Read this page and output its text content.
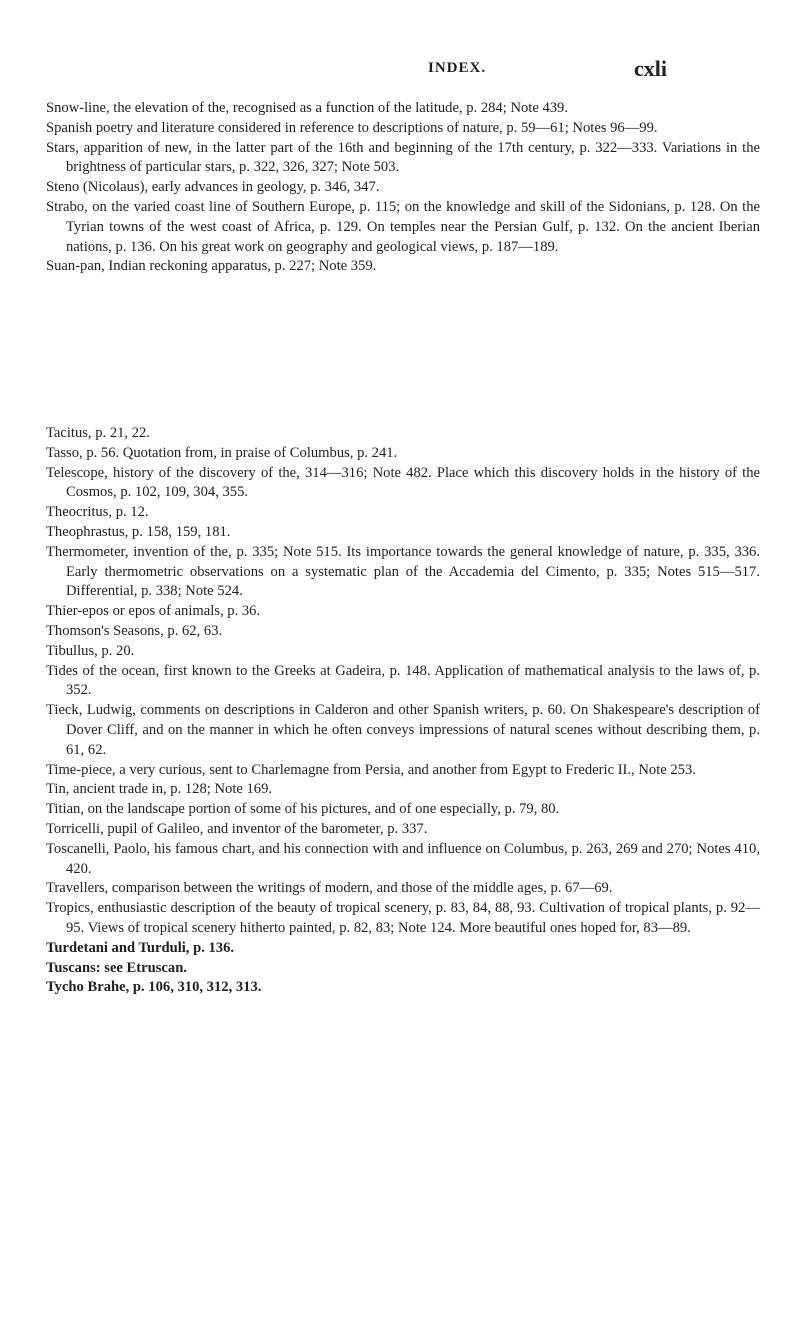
INDEX.	cxli

Snow-line, the elevation of the, recognised as a function of the latitude, p. 284; Note 439.

Spanish poetry and literature considered in reference to descriptions of nature, p. 59—61; Notes 96—99.

Stars, apparition of new, in the latter part of the 16th and beginning of the 17th century, p. 322—333. Variations in the brightness of particular stars, p. 322, 326, 327; Note 503.

Steno (Nicolaus), early advances in geology, p. 346, 347.

Strabo, on the varied coast line of Southern Europe, p. 115; on the knowledge and skill of the Sidonians, p. 128. On the Tyrian towns of the west coast of Africa, p. 129. On temples near the Persian Gulf, p. 132. On the ancient Iberian nations, p. 136. On his great work on geography and geological views, p. 187—189.

Suan-pan, Indian reckoning apparatus, p. 227; Note 359.

Tacitus, p. 21, 22.

Tasso, p. 56. Quotation from, in praise of Columbus, p. 241.

Telescope, history of the discovery of the, 314—316; Note 482. Place which this discovery holds in the history of the Cosmos, p. 102, 109, 304, 355.

Theocritus, p. 12.

Theophrastus, p. 158, 159, 181.

Thermometer, invention of the, p. 335; Note 515. Its importance towards the general knowledge of nature, p. 335, 336. Early thermometric observations on a systematic plan of the Accademia del Cimento, p. 335; Notes 515—517. Differential, p. 338; Note 524.

Thier-epos or epos of animals, p. 36.

Thomson's Seasons, p. 62, 63.

Tibullus, p. 20.

Tides of the ocean, first known to the Greeks at Gadeira, p. 148. Application of mathematical analysis to the laws of, p. 352.

Tieck, Ludwig, comments on descriptions in Calderon and other Spanish writers, p. 60. On Shakespeare's description of Dover Cliff, and on the manner in which he often conveys impressions of natural scenes without describing them, p. 61, 62.

Time-piece, a very curious, sent to Charlemagne from Persia, and another from Egypt to Frederic II., Note 253.

Tin, ancient trade in, p. 128; Note 169.

Titian, on the landscape portion of some of his pictures, and of one especially, p. 79, 80.

Torricelli, pupil of Galileo, and inventor of the barometer, p. 337.

Toscanelli, Paolo, his famous chart, and his connection with and influence on Columbus, p. 263, 269 and 270; Notes 410, 420.

Travellers, comparison between the writings of modern, and those of the middle ages, p. 67—69.

Tropics, enthusiastic description of the beauty of tropical scenery, p. 83, 84, 88, 93. Cultivation of tropical plants, p. 92—95. Views of tropical scenery hitherto painted, p. 82, 83; Note 124. More beautiful ones hoped for, 83—89.

Turdetani and Turduli, p. 136.

Tuscans: see Etruscan.

Tycho Brahe, p. 106, 310, 312, 313.
